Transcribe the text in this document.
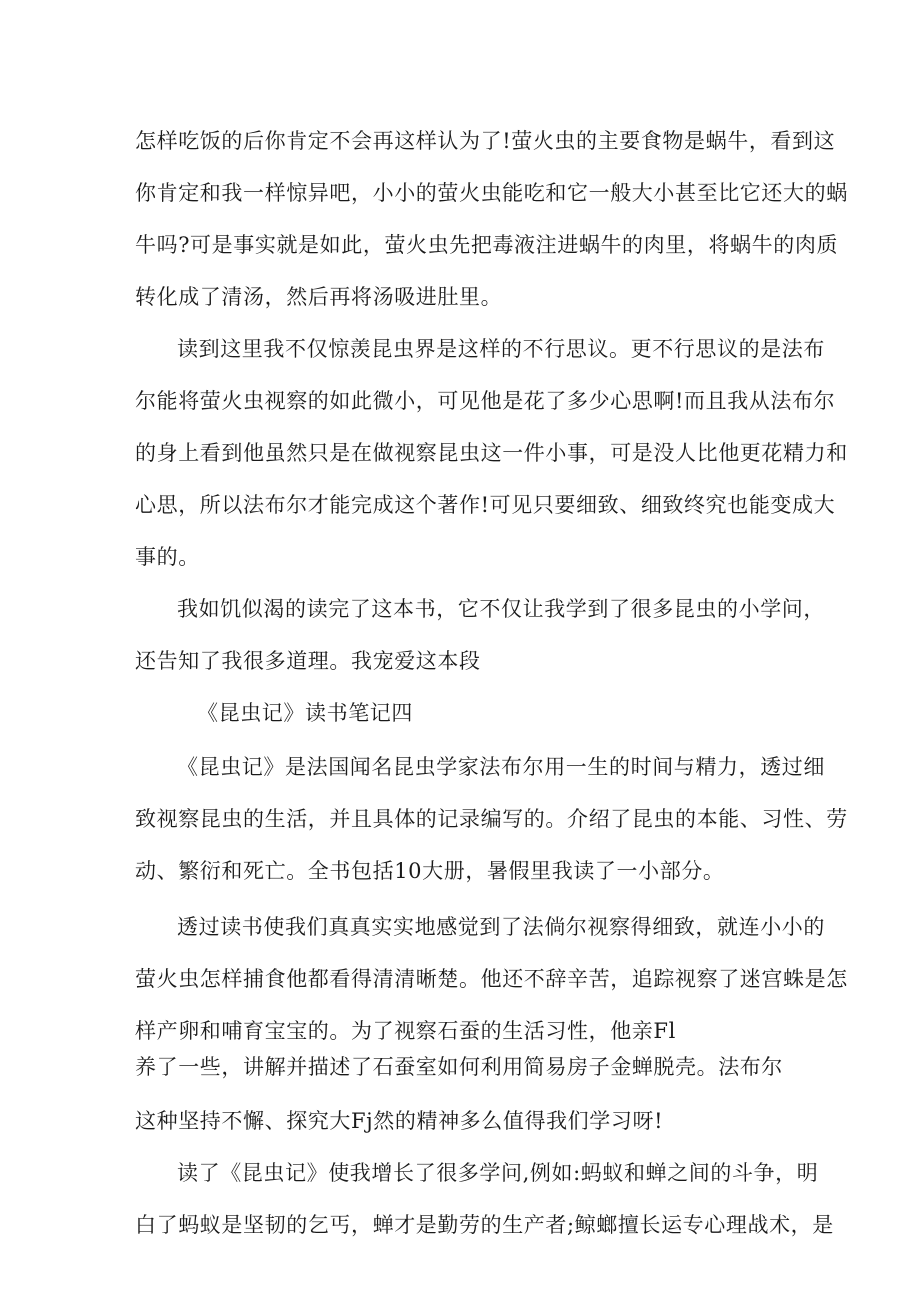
怎样吃饭的后你肯定不会再这样认为了!萤火虫的主要食物是蜗牛，看到这
你肯定和我一样惊异吧，小小的萤火虫能吃和它一般大小甚至比它还大的蜗
牛吗?可是事实就是如此，萤火虫先把毒液注进蜗牛的肉里，将蜗牛的肉质
转化成了清汤，然后再将汤吸进肚里。
读到这里我不仅惊羡昆虫界是这样的不行思议。更不行思议的是法布
尔能将萤火虫视察的如此微小，可见他是花了多少心思啊!而且我从法布尔
的身上看到他虽然只是在做视察昆虫这一件小事，可是没人比他更花精力和
心思，所以法布尔才能完成这个著作!可见只要细致、细致终究也能变成大
事的。
我如饥似渴的读完了这本书，它不仅让我学到了很多昆虫的小学问，
还告知了我很多道理。我宠爱这本段
《昆虫记》读书笔记四
《昆虫记》是法国闻名昆虫学家法布尔用一生的时间与精力，透过细
致视察昆虫的生活，并且具体的记录编写的。介绍了昆虫的本能、习性、劳
动、繁衍和死亡。全书包括10大册，暑假里我读了一小部分。
透过读书使我们真真实实地感觉到了法倘尔视察得细致，就连小小的
萤火虫怎样捕食他都看得清清晰楚。他还不辞辛苦，追踪视察了迷宫蛛是怎
样产卵和哺育宝宝的。为了视察石蚕的生活习性，他亲Fl
养了一些，讲解并描述了石蚕室如何利用简易房子金蝉脱壳。法布尔
这种坚持不懈、探究大Fj然的精神多么值得我们学习呀!
读了《昆虫记》使我增长了很多学问,例如:蚂蚁和蝉之间的斗争，明
白了蚂蚁是坚韧的乞丐，蝉才是勤劳的生产者;鲸螂擅长运专心理战术，是
